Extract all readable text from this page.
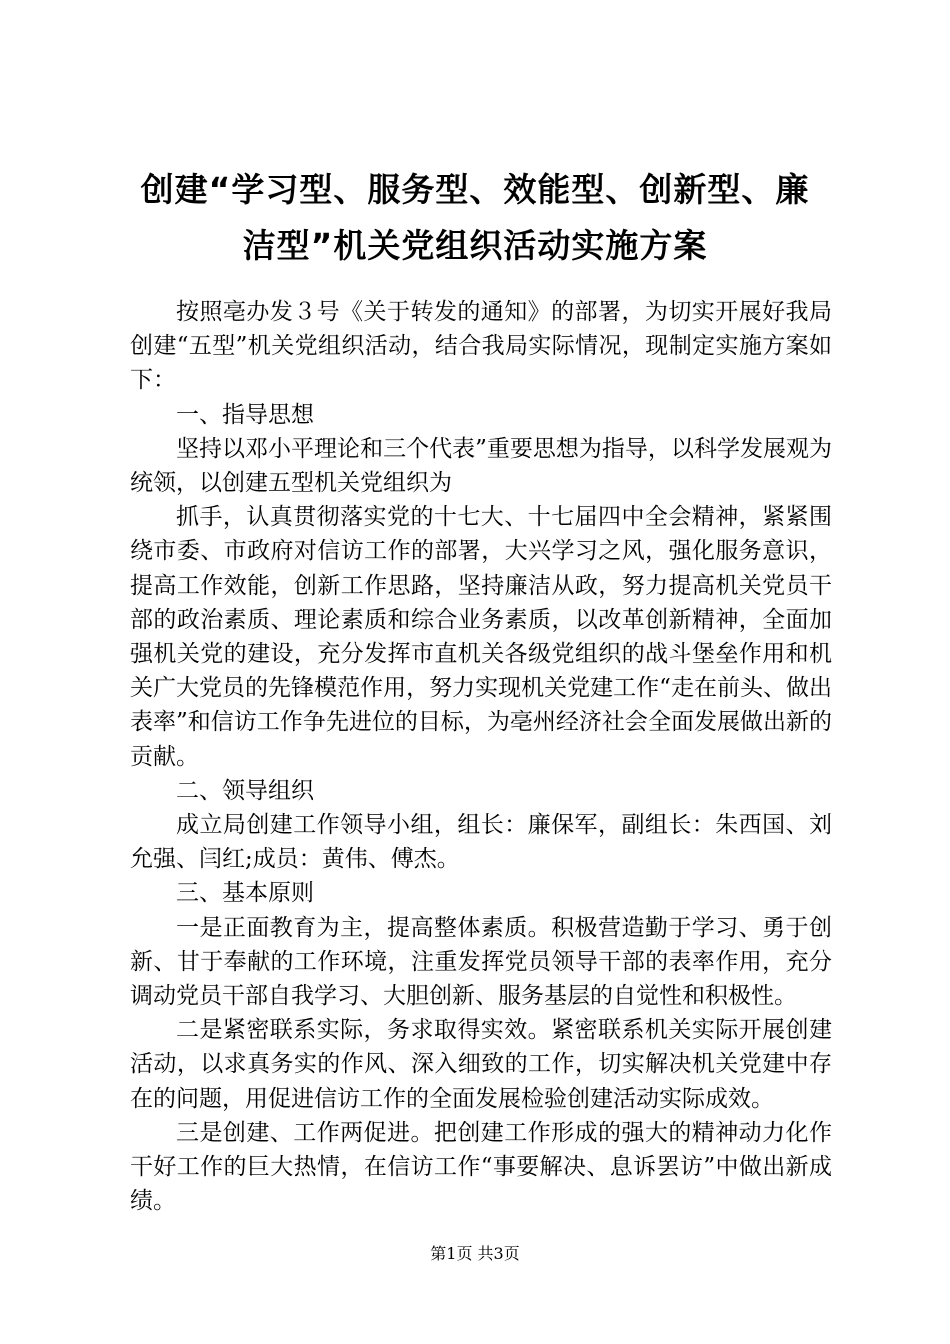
创建“学习型、服务型、效能型、创新型、廉
洁型”机关党组织活动实施方案

按照亳办发３号《关于转发的通知》的部署，为切实开展好我局创建“五型”机关党组织活动，结合我局实际情况，现制定实施方案如下：

一、指导思想

坚持以邓小平理论和三个代表”重要思想为指导，以科学发展观为统领，以创建五型机关党组织为

抓手，认真贯彻落实党的十七大、十七届四中全会精神，紧紧围绕市委、市政府对信访工作的部署，大兴学习之风，强化服务意识，提高工作效能，创新工作思路，坚持廉洁从政，努力提高机关党员干部的政治素质、理论素质和综合业务素质，以改革创新精神，全面加强机关党的建设，充分发挥市直机关各级党组织的战斗堡垒作用和机关广大党员的先锋模范作用，努力实现机关党建工作“走在前头、做出表率”和信访工作争先进位的目标，为亳州经济社会全面发展做出新的贡献。

二、领导组织

成立局创建工作领导小组，组长：廉保军，副组长：朱西国、刘允强、闫红;成员：黄伟、傅杰。

三、基本原则

一是正面教育为主，提高整体素质。积极营造勤于学习、勇于创新、甘于奉献的工作环境，注重发挥党员领导干部的表率作用，充分调动党员干部自我学习、大胆创新、服务基层的自觉性和积极性。

二是紧密联系实际，务求取得实效。紧密联系机关实际开展创建活动，以求真务实的作风、深入细致的工作，切实解决机关党建中存在的问题，用促进信访工作的全面发展检验创建活动实际成效。

三是创建、工作两促进。把创建工作形成的强大的精神动力化作干好工作的巨大热情，在信访工作“事要解决、息诉罢访”中做出新成绩。

第1页 共3页
